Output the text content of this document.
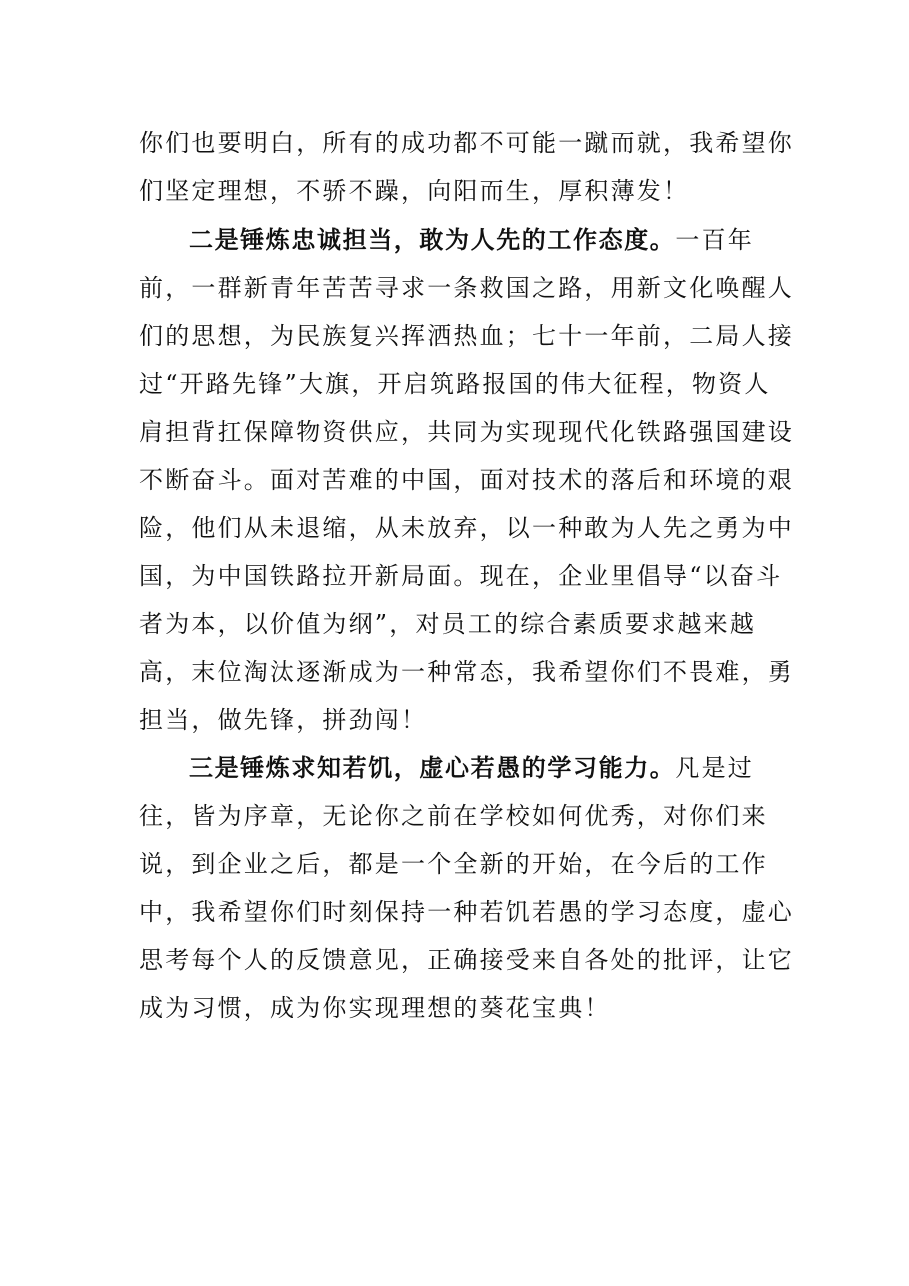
你们也要明白，所有的成功都不可能一蹴而就，我希望你
们坚定理想，不骄不躁，向阳而生，厚积薄发！
二是锤炼忠诚担当，敢为人先的工作态度。一百年
前，一群新青年苦苦寻求一条救国之路，用新文化唤醒人
们的思想，为民族复兴挥洒热血；七十一年前，二局人接
过“开路先锋”大旗，开启筑路报国的伟大征程，物资人
肩担背扛保障物资供应，共同为实现现代化铁路强国建设
不断奋斗。面对苦难的中国，面对技术的落后和环境的艰
险，他们从未退缩，从未放弃，以一种敢为人先之勇为中
国，为中国铁路拉开新局面。现在，企业里倡导“以奋斗
者为本，以价值为纲”，对员工的综合素质要求越来越
高，末位淘汰逐渐成为一种常态，我希望你们不畏难，勇
担当，做先锋，拼劲闯！
三是锤炼求知若饥，虚心若愚的学习能力。凡是过
往，皆为序章，无论你之前在学校如何优秀，对你们来
说，到企业之后，都是一个全新的开始，在今后的工作
中，我希望你们时刻保持一种若饥若愚的学习态度，虚心
思考每个人的反馈意见，正确接受来自各处的批评，让它
成为习惯，成为你实现理想的葵花宝典！
